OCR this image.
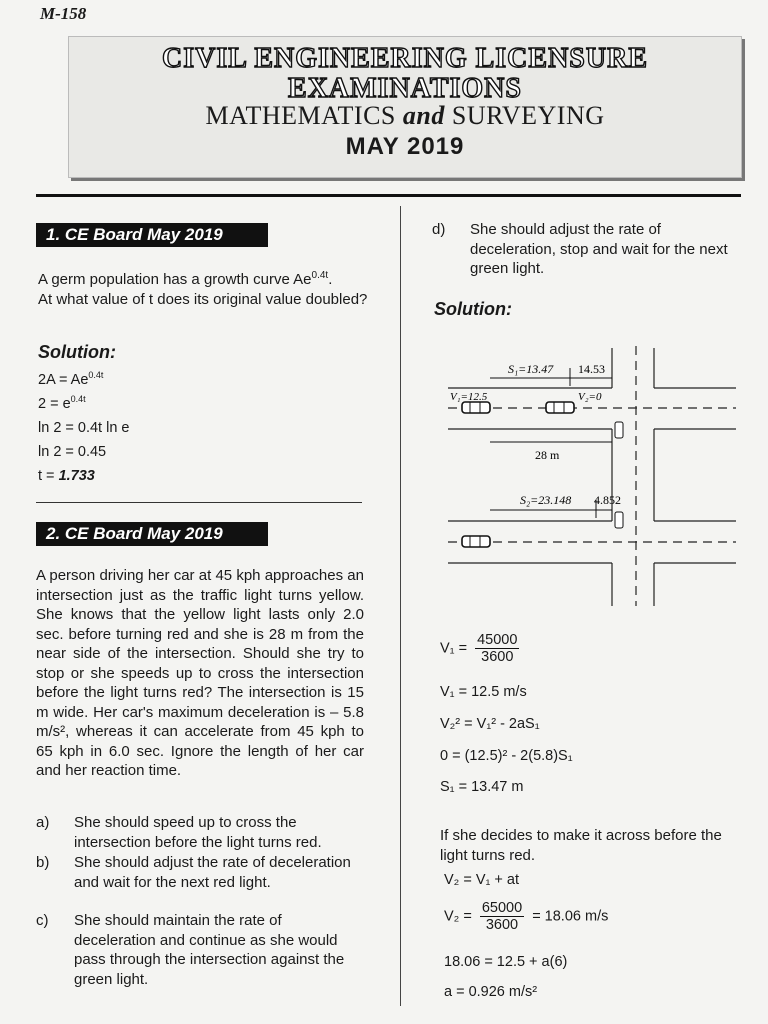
M-158
CIVIL ENGINEERING LICENSURE
EXAMINATIONS
MATHEMATICS and SURVEYING
MAY 2019
1. CE Board May 2019
A germ population has a growth curve $Ae^{0.4t}$.
At what value of t does its original value doubled?
Solution:
$2A = Ae^{0.4t}$
$2 = e^{0.4t}$
ln 2 = 0.4t ln e
ln 2 = 0.45
t = 1.733
2. CE Board May 2019
A person driving her car at 45 kph approaches an intersection just as the traffic light turns yellow. She knows that the yellow light lasts only 2.0 sec. before turning red and she is 28 m from the near side of the intersection. Should she try to stop or she speeds up to cross the intersection before the light turns red? The intersection is 15 m wide. Her car's maximum deceleration is – 5.8 m/s², whereas it can accelerate from 45 kph to 65 kph in 6.0 sec. Ignore the length of her car and her reaction time.
a) She should speed up to cross the intersection before the light turns red.
b) She should adjust the rate of deceleration and wait for the next red light.
c) She should maintain the rate of deceleration and continue as she would pass through the intersection against the green light.
d) She should adjust the rate of deceleration, stop and wait for the next green light.
Solution:
S₁=13.47 14.53
V₁=12.5	V₂=0
28 m
S₂=23.148 4.852
$V_1 = \frac{45000}{3600}$
V₁ = 12.5 m/s
V₂² = V₁² - 2aS₁
0 = (12.5)² - 2(5.8)S₁
S₁ = 13.47 m
If she decides to make it across before the light turns red.
V₂ = V₁ + at
$V_2 = \frac{65000}{3600} = 18.06$ m/s
18.06 = 12.5 + a(6)
a = 0.926 m/s²
